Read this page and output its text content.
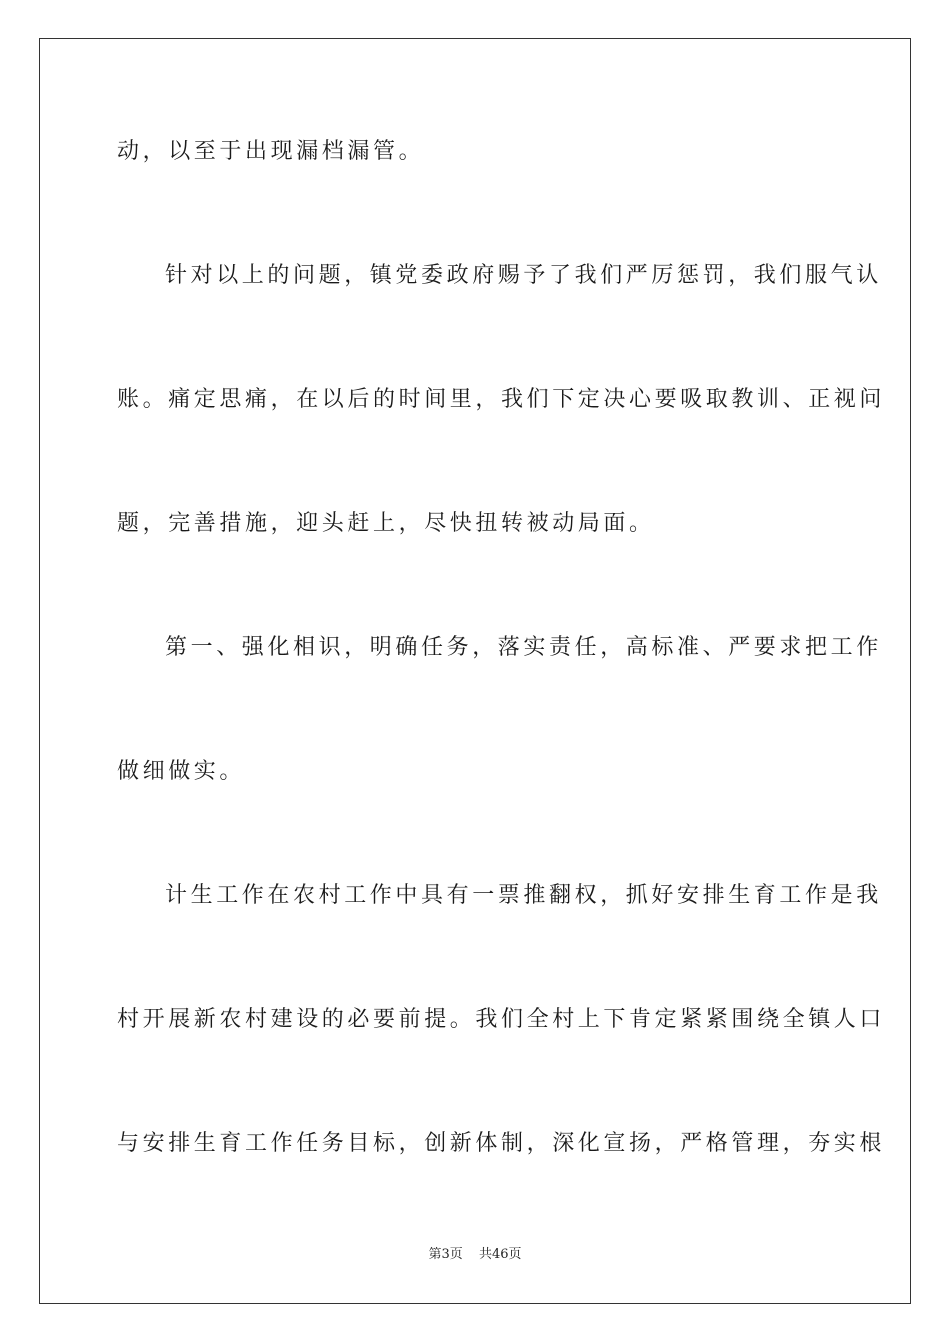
动，以至于出现漏档漏管。
针对以上的问题，镇党委政府赐予了我们严厉惩罚，我们服气认
账。痛定思痛，在以后的时间里，我们下定决心要吸取教训、正视问
题，完善措施，迎头赶上，尽快扭转被动局面。
第一、强化相识，明确任务，落实责任，高标准、严要求把工作
做细做实。
计生工作在农村工作中具有一票推翻权，抓好安排生育工作是我
村开展新农村建设的必要前提。我们全村上下肯定紧紧围绕全镇人口
与安排生育工作任务目标，创新体制，深化宣扬，严格管理，夯实根
第3页 共46页
